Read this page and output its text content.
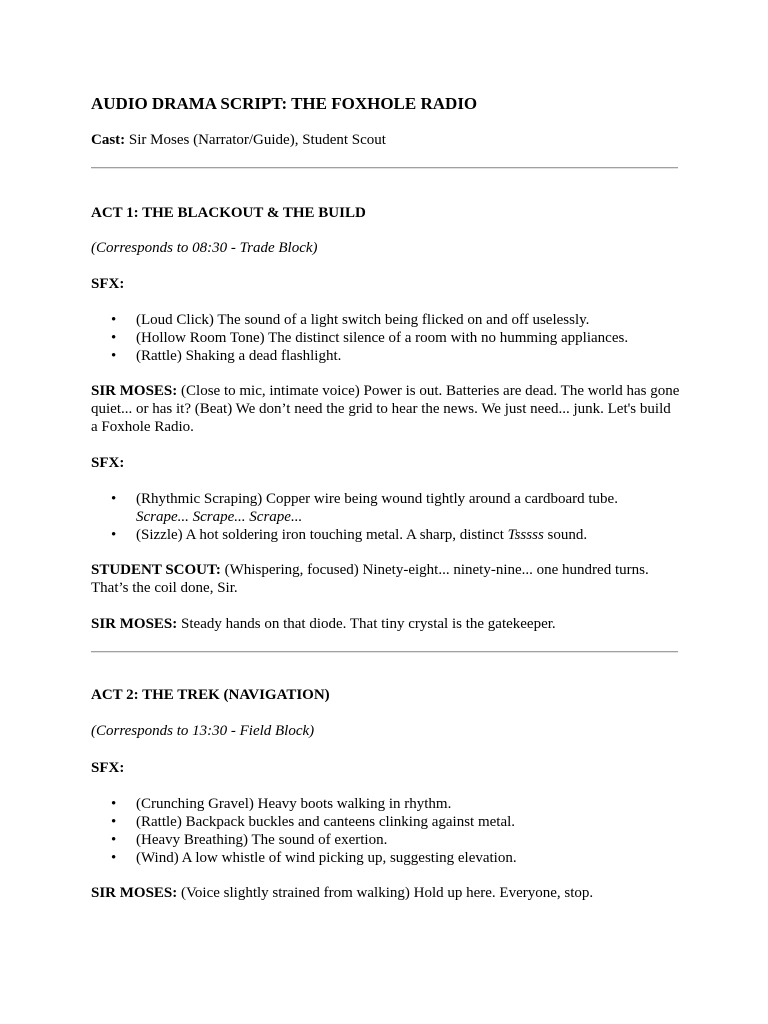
AUDIO DRAMA SCRIPT: THE FOXHOLE RADIO

Cast: Sir Moses (Narrator/Guide), Student Scout

ACT 1: THE BLACKOUT & THE BUILD

(Corresponds to 08:30 - Trade Block)

SFX:

• (Loud Click) The sound of a light switch being flicked on and off uselessly.
• (Hollow Room Tone) The distinct silence of a room with no humming appliances.
• (Rattle) Shaking a dead flashlight.

SIR MOSES: (Close to mic, intimate voice) Power is out. Batteries are dead. The world has gone quiet... or has it? (Beat) We don’t need the grid to hear the news. We just need... junk. Let's build a Foxhole Radio.

SFX:

• (Rhythmic Scraping) Copper wire being wound tightly around a cardboard tube.
Scrape... Scrape... Scrape...
• (Sizzle) A hot soldering iron touching metal. A sharp, distinct Tsssss sound.

STUDENT SCOUT: (Whispering, focused) Ninety-eight... ninety-nine... one hundred turns. That’s the coil done, Sir.

SIR MOSES: Steady hands on that diode. That tiny crystal is the gatekeeper.

ACT 2: THE TREK (NAVIGATION)

(Corresponds to 13:30 - Field Block)

SFX:

• (Crunching Gravel) Heavy boots walking in rhythm.
• (Rattle) Backpack buckles and canteens clinking against metal.
• (Heavy Breathing) The sound of exertion.
• (Wind) A low whistle of wind picking up, suggesting elevation.

SIR MOSES: (Voice slightly strained from walking) Hold up here. Everyone, stop.
